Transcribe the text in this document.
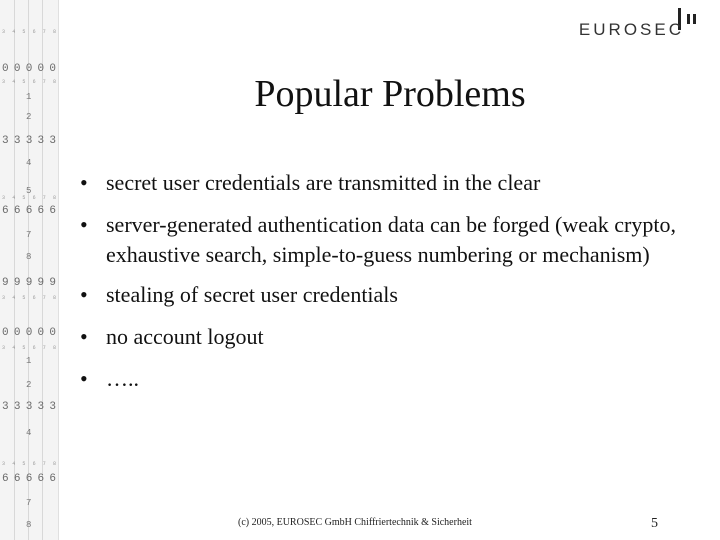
3 4 5 6 7 8
0 0 0 0 0
3 4 5 6 7 8
1
2
3 3 3 3 3
4
5
3 4 5 6 7 8
6 6 6 6 6
7
8
9 9 9 9 9
3 4 5 6 7 8
0 0 0 0 0
3 4 5 6 7 8
1
2
3 3 3 3 3
4
3 4 5 6 7 8
6 6 6 6 6
7
8
EUROSEC
Popular Problems
• secret user credentials are transmitted in the clear
• server-generated authentication data can be forged (weak crypto, exhaustive search, simple-to-guess numbering or mechanism)
• stealing of secret user credentials
• no account logout
• …..
(c) 2005, EUROSEC GmbH Chiffriertechnik & Sicherheit	5
